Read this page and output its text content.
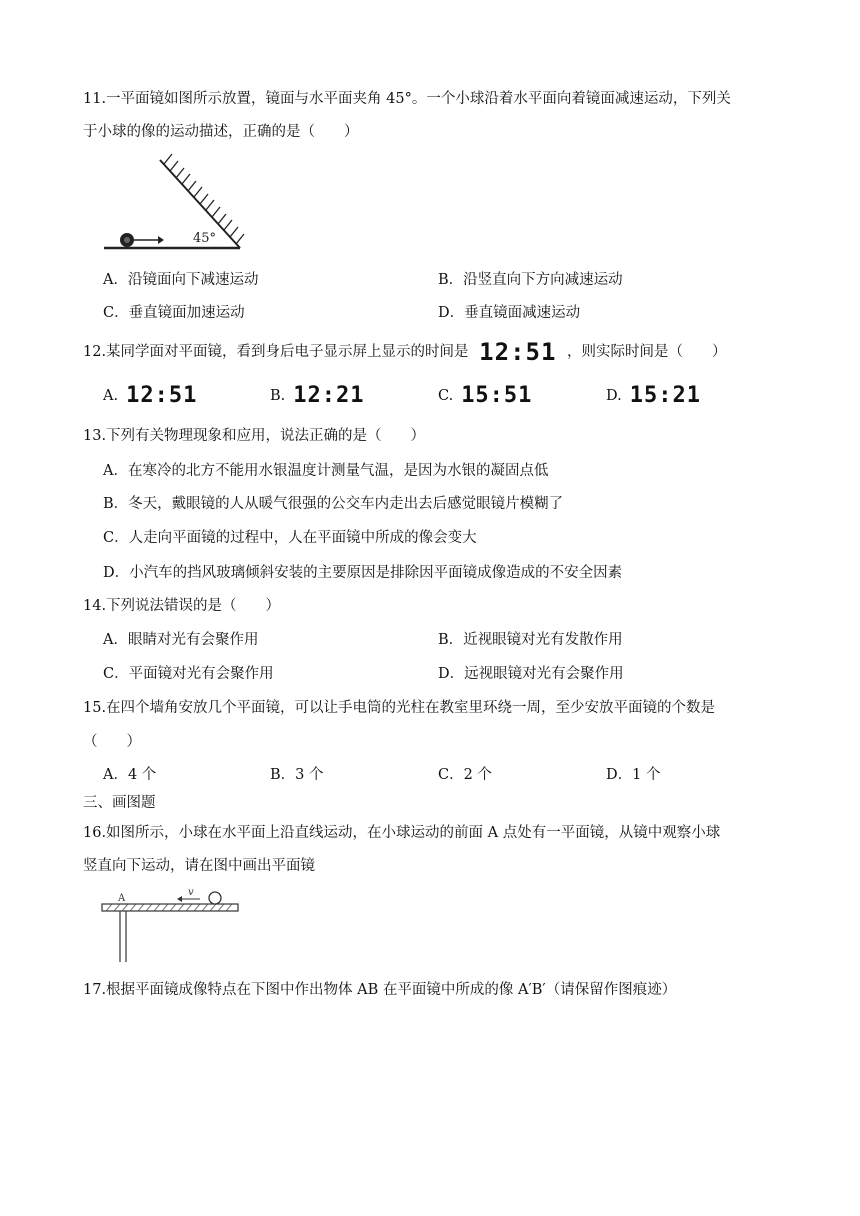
11.一平面镜如图所示放置，镜面与水平面夹角 45°。一个小球沿着水平面向着镜面减速运动，下列关
于小球的像的运动描述，正确的是（　　）
45°
A．沿镜面向下减速运动	B．沿竖直向下方向减速运动
C．垂直镜面加速运动	D．垂直镜面减速运动
12.某同学面对平面镜，看到身后电子显示屏上显示的时间是 12:51 ，则实际时间是（　　）
A. 12:51	B. 12:21	C. 15:51	D. 15:21
13.下列有关物理现象和应用，说法正确的是（　　）
A．在寒冷的北方不能用水银温度计测量气温，是因为水银的凝固点低
B．冬天，戴眼镜的人从暖气很强的公交车内走出去后感觉眼镜片模糊了
C．人走向平面镜的过程中，人在平面镜中所成的像会变大
D．小汽车的挡风玻璃倾斜安装的主要原因是排除因平面镜成像造成的不安全因素
14.下列说法错误的是（　　）
A．眼睛对光有会聚作用	B．近视眼镜对光有发散作用
C．平面镜对光有会聚作用	D．远视眼镜对光有会聚作用
15.在四个墙角安放几个平面镜，可以让手电筒的光柱在教室里环绕一周，至少安放平面镜的个数是
（　　）
A．4 个	B．3 个	C．2 个	D．1 个
三、画图题
16.如图所示，小球在水平面上沿直线运动，在小球运动的前面 A 点处有一平面镜，从镜中观察小球
竖直向下运动，请在图中画出平面镜
v
A
17.根据平面镜成像特点在下图中作出物体 AB 在平面镜中所成的像 A′B′（请保留作图痕迹）
